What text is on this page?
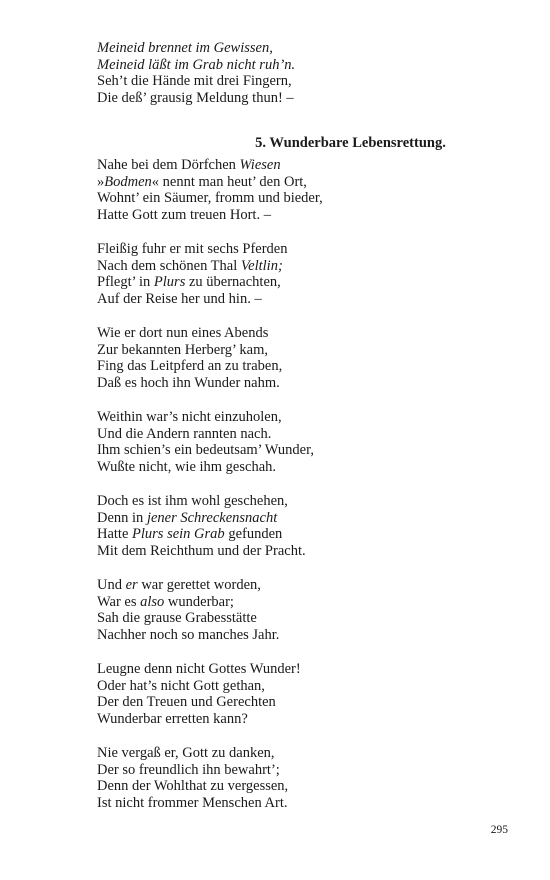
5. Wunderbare Lebensrettung.
Meineid brennet im Gewissen,
Meineid läßt im Grab nicht ruh’n.
Seh’t die Hände mit drei Fingern,
Die deß’ grausig Meldung thun! –
Nahe bei dem Dörfchen Wiesen
»Bodmen« nennt man heut’ den Ort,
Wohnt’ ein Säumer, fromm und bieder,
Hatte Gott zum treuen Hort. –
Fleißig fuhr er mit sechs Pferden
Nach dem schönen Thal Veltlin;
Pflegt’ in Plurs zu übernachten,
Auf der Reise her und hin. –
Wie er dort nun eines Abends
Zur bekannten Herberg’ kam,
Fing das Leitpferd an zu traben,
Daß es hoch ihn Wunder nahm.
Weithin war’s nicht einzuholen,
Und die Andern rannten nach.
Ihm schien’s ein bedeutsam’ Wunder,
Wußte nicht, wie ihm geschah.
Doch es ist ihm wohl geschehen,
Denn in jener Schreckensnacht
Hatte Plurs sein Grab gefunden
Mit dem Reichthum und der Pracht.
Und er war gerettet worden,
War es also wunderbar;
Sah die grause Grabesstätte
Nachher noch so manches Jahr.
Leugne denn nicht Gottes Wunder!
Oder hat’s nicht Gott gethan,
Der den Treuen und Gerechten
Wunderbar erretten kann?
Nie vergaß er, Gott zu danken,
Der so freundlich ihn bewahrt’;
Denn der Wohlthat zu vergessen,
Ist nicht frommer Menschen Art.
295
